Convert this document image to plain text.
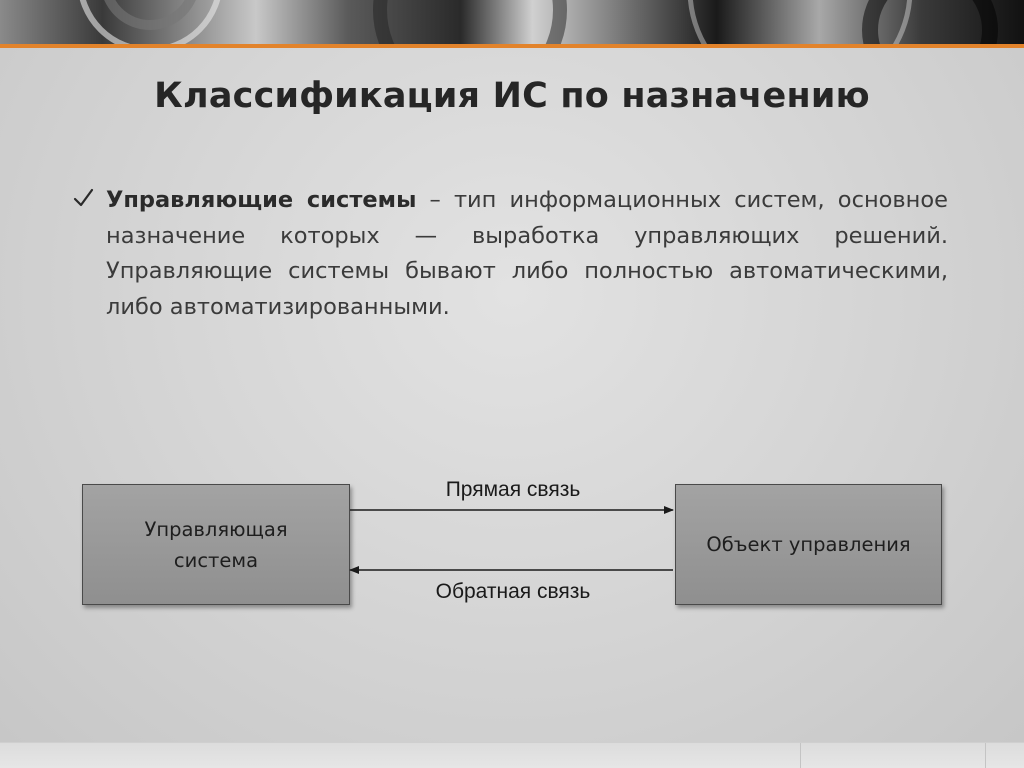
Классификация ИС по назначению

Управляющие системы – тип информационных систем, основное назначение которых — выработка управляющих решений. Управляющие системы бывают либо полностью автоматическими, либо автоматизированными.

Управляющая
система
Объект управления
Прямая связь
Обратная связь
